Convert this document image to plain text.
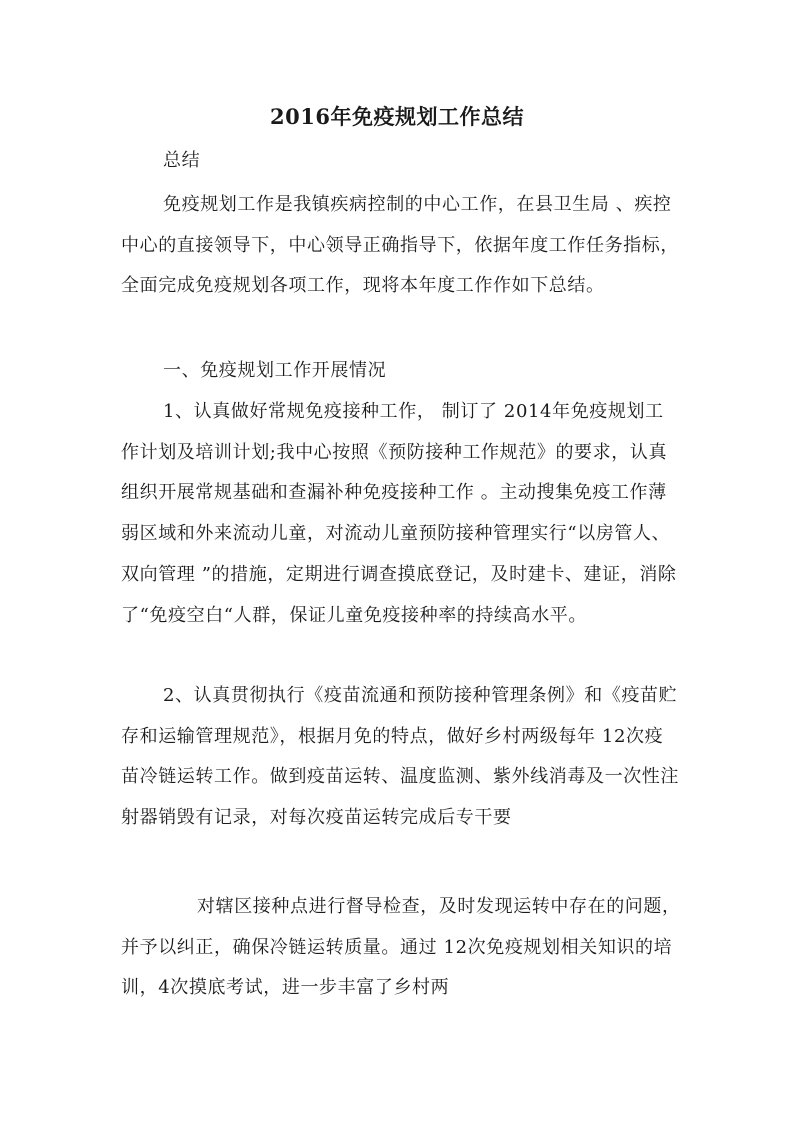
2016年免疫规划工作总结
总结

免疫规划工作是我镇疾病控制的中心工作，在县卫生局 、疾控中心的直接领导下，中心领导正确指导下，依据年度工作任务指标，全面完成免疫规划各项工作，现将本年度工作作如下总结。

一、免疫规划工作开展情况

1、认真做好常规免疫接种工作， 制订了 2014年免疫规划工作计划及培训计划;我中心按照《预防接种工作规范》的要求，认真组织开展常规基础和查漏补种免疫接种工作 。主动搜集免疫工作薄弱区域和外来流动儿童，对流动儿童预防接种管理实行“以房管人、双向管理 ”的措施，定期进行调查摸底登记，及时建卡、建证，消除了“免疫空白“人群，保证儿童免疫接种率的持续高水平。

2、认真贯彻执行《疫苗流通和预防接种管理条例》和《疫苗贮存和运输管理规范》，根据月免的特点，做好乡村两级每年 12次疫苗冷链运转工作。做到疫苗运转、温度监测、紫外线消毒及一次性注射器销毁有记录，对每次疫苗运转完成后专干要

对辖区接种点进行督导检查，及时发现运转中存在的问题，并予以纠正，确保冷链运转质量。通过 12次免疫规划相关知识的培训，4次摸底考试，进一步丰富了乡村两
